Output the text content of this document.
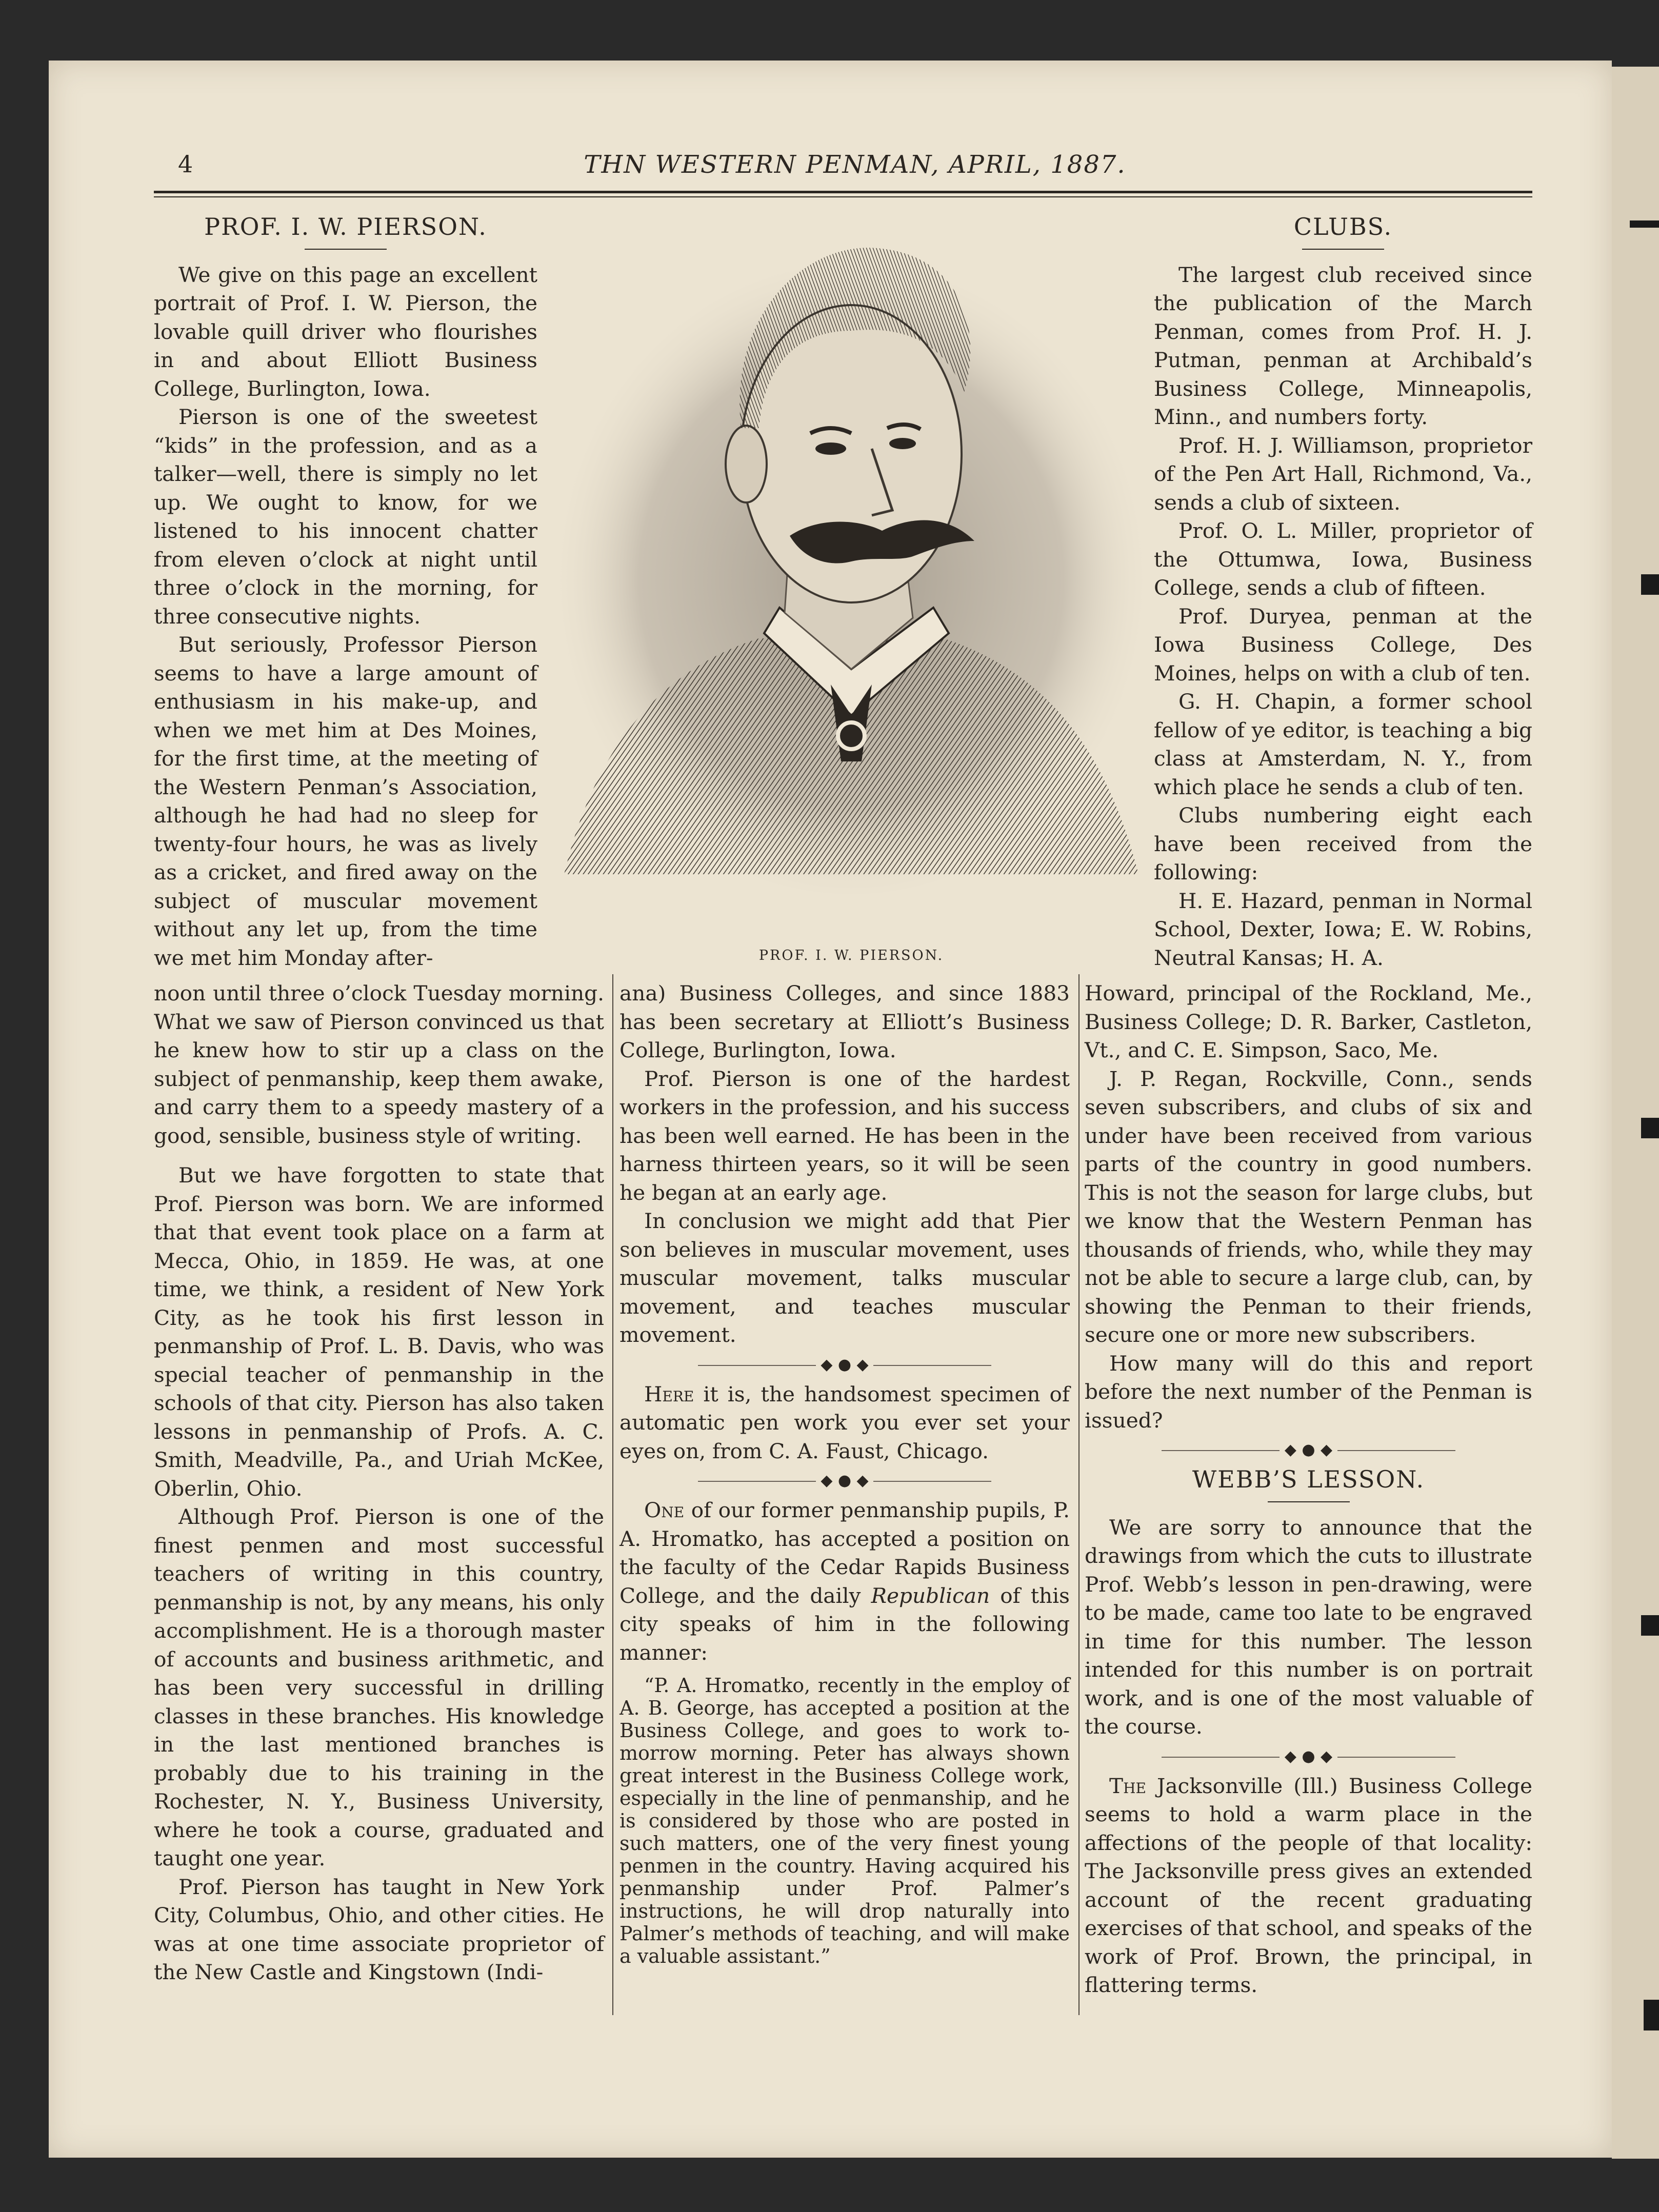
4	THN WESTERN PENMAN, APRIL, 1887.
PROF. I. W. PIERSON.
PROF. I. W. PIERSON.

We give on this page an excellent portrait of Prof. I. W. Pierson, the lovable quill driver who flourishes in and about Elliott Business College, Burlington, Iowa.

Pierson is one of the sweetest “kids” in the profession, and as a talker—well, there is simply no let up. We ought to know, for we listened to his innocent chatter from eleven o’clock at night until three o’clock in the morning, for three consecutive nights.

But seriously, Professor Pierson seems to have a large amount of enthusiasm in his make-up, and when we met him at Des Moines, for the first time, at the meeting of the Western Penman’s Association, although he had had no sleep for twenty-four hours, he was as lively as a cricket, and fired away on the subject of muscular movement without any let up, from the time we met him Monday after-

noon until three o’clock Tuesday morning. What we saw of Pierson convinced us that he knew how to stir up a class on the subject of penmanship, keep them awake, and carry them to a speedy mastery of a good, sensible, business style of writing.

But we have forgotten to state that Prof. Pierson was born. We are informed that that event took place on a farm at Mecca, Ohio, in 1859. He was, at one time, we think, a resident of New York City, as he took his first lesson in penmanship of Prof. L. B. Davis, who was special teacher of penmanship in the schools of that city. Pierson has also taken lessons in penmanship of Profs. A. C. Smith, Meadville, Pa., and Uriah McKee, Oberlin, Ohio.

Although Prof. Pierson is one of the finest penmen and most successful teachers of writing in this country, penmanship is not, by any means, his only accomplishment. He is a thorough master of accounts and business arithmetic, and has been very successful in drilling classes in these branches. His knowledge in the last mentioned branches is probably due to his training in the Rochester, N. Y., Business University, where he took a course, graduated and taught one year.

Prof. Pierson has taught in New York City, Columbus, Ohio, and other cities. He was at one time associate proprietor of the New Castle and Kingstown (Indi-

ana) Business Colleges, and since 1883 has been secretary at Elliott’s Business College, Burlington, Iowa.

Prof. Pierson is one of the hardest workers in the profession, and his success has been well earned. He has been in the harness thirteen years, so it will be seen he began at an early age.

In conclusion we might add that Pier son believes in muscular movement, uses muscular movement, talks muscular movement, and teaches muscular movement.

◆ ● ◆

Here it is, the handsomest specimen of automatic pen work you ever set your eyes on, from C. A. Faust, Chicago.

◆ ● ◆

One of our former penmanship pupils, P. A. Hromatko, has accepted a position on the faculty of the Cedar Rapids Business College, and the daily Republican of this city speaks of him in the following manner:

“P. A. Hromatko, recently in the employ of A. B. George, has accepted a position at the Business College, and goes to work to-morrow morning. Peter has always shown great interest in the Business College work, especially in the line of penmanship, and he is considered by those who are posted in such matters, one of the very finest young penmen in the country. Having acquired his penmanship under Prof. Palmer’s instructions, he will drop naturally into Palmer’s methods of teaching, and will make a valuable assistant.”

CLUBS.

The largest club received since the publication of the March Penman, comes from Prof. H. J. Putman, penman at Archibald’s Business College, Minneapolis, Minn., and numbers forty.

Prof. H. J. Williamson, proprietor of the Pen Art Hall, Richmond, Va., sends a club of sixteen.

Prof. O. L. Miller, proprietor of the Ottumwa, Iowa, Business College, sends a club of fifteen.

Prof. Duryea, penman at the Iowa Business College, Des Moines, helps on with a club of ten.

G. H. Chapin, a former school fellow of ye editor, is teaching a big class at Amsterdam, N. Y., from which place he sends a club of ten.

Clubs numbering eight each have been received from the following:

H. E. Hazard, penman in Normal School, Dexter, Iowa; E. W. Robins, Neutral Kansas; H. A.

Howard, principal of the Rockland, Me., Business College; D. R. Barker, Castleton, Vt., and C. E. Simpson, Saco, Me.

J. P. Regan, Rockville, Conn., sends seven subscribers, and clubs of six and under have been received from various parts of the country in good numbers. This is not the season for large clubs, but we know that the Western Penman has thousands of friends, who, while they may not be able to secure a large club, can, by showing the Penman to their friends, secure one or more new subscribers.

How many will do this and report before the next number of the Penman is issued?

◆ ● ◆
WEBB’S LESSON.

We are sorry to announce that the drawings from which the cuts to illustrate Prof. Webb’s lesson in pen-drawing, were to be made, came too late to be engraved in time for this number. The lesson intended for this number is on portrait work, and is one of the most valuable of the course.

◆ ● ◆

The Jacksonville (Ill.) Business College seems to hold a warm place in the affections of the people of that locality: The Jacksonville press gives an extended account of the recent graduating exercises of that school, and speaks of the work of Prof. Brown, the principal, in flattering terms.
